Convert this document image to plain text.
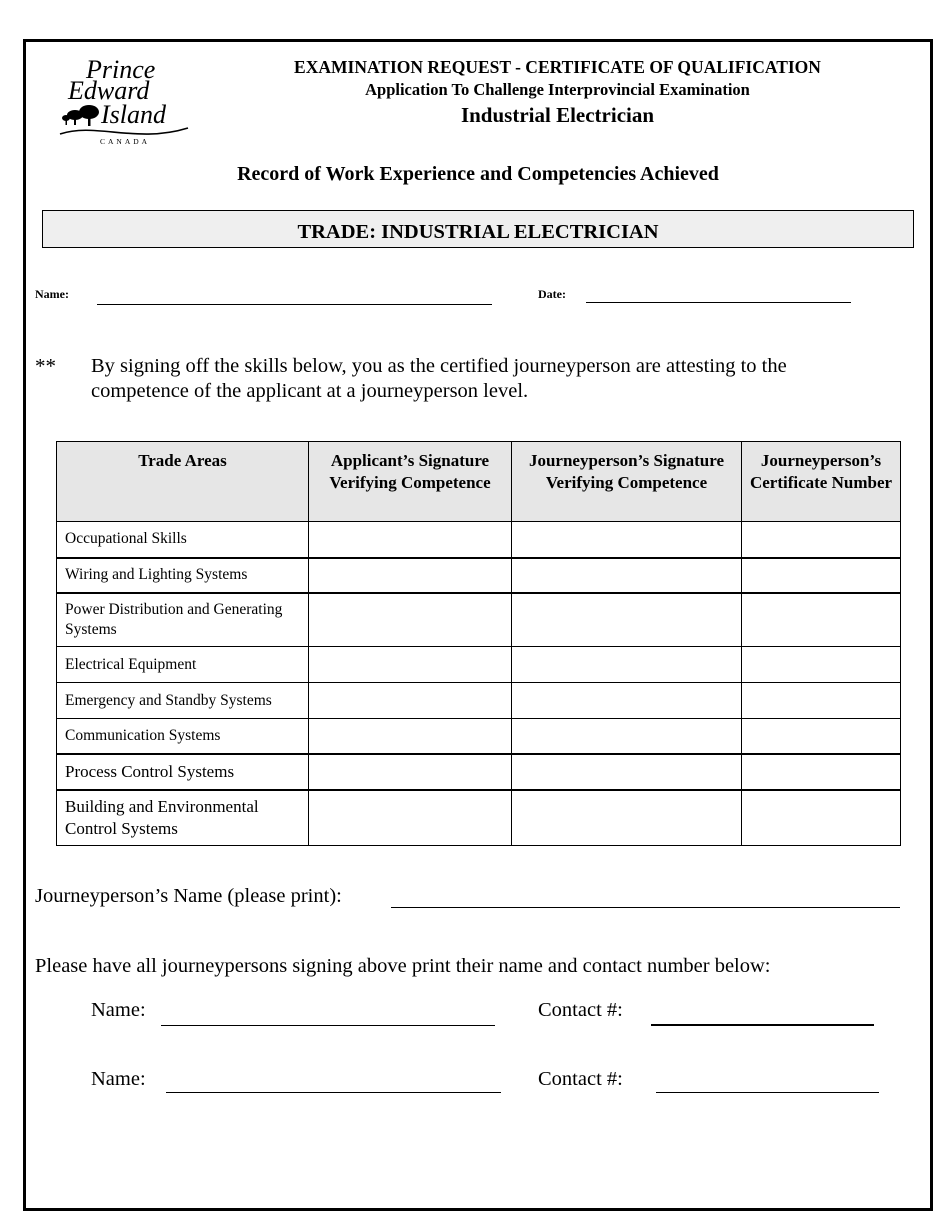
Prince
Edward
Island
CANADA
EXAMINATION REQUEST - CERTIFICATE OF QUALIFICATION
Application To Challenge Interprovincial Examination
Industrial Electrician
Record of Work Experience and Competencies Achieved
TRADE: INDUSTRIAL ELECTRICIAN
Name:	Date:
** By signing off the skills below, you as the certified journeyperson are attesting to the competence of the applicant at a journeyperson level.
Trade Areas	Applicant’s Signature Verifying Competence	Journeyperson’s Signature Verifying Competence	Journeyperson’s Certificate Number
Occupational Skills			
Wiring and Lighting Systems			
Power Distribution and Generating Systems			
Electrical Equipment			
Emergency and Standby Systems			
Communication Systems			
Process Control Systems			
Building and Environmental Control Systems			
Journeyperson’s Name (please print):
Please have all journeypersons signing above print their name and contact number below:
Name:	Contact #:
Name:	Contact #:
